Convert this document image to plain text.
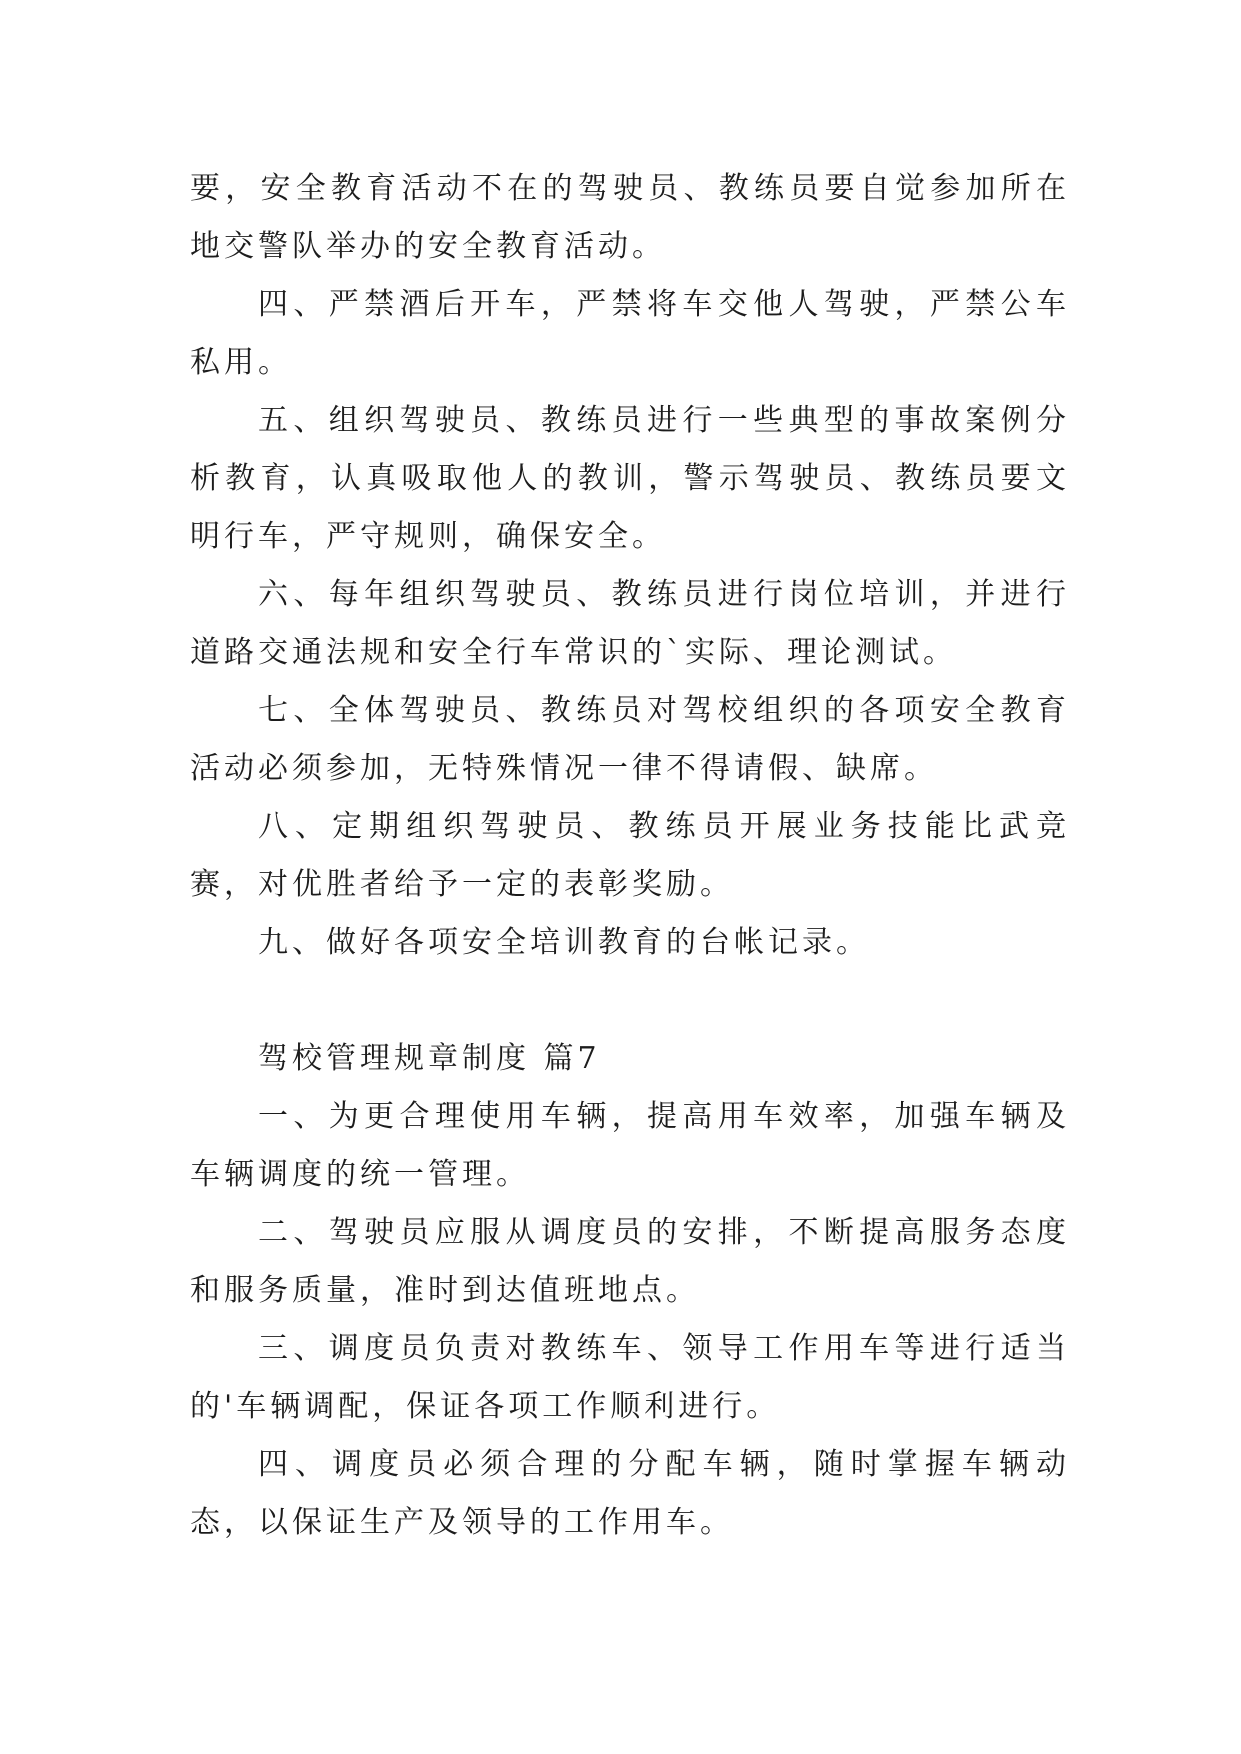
要，安全教育活动不在的驾驶员、教练员要自觉参加所在地交警队举办的安全教育活动。

四、严禁酒后开车，严禁将车交他人驾驶，严禁公车私用。

五、组织驾驶员、教练员进行一些典型的事故案例分析教育，认真吸取他人的教训，警示驾驶员、教练员要文明行车，严守规则，确保安全。

六、每年组织驾驶员、教练员进行岗位培训，并进行道路交通法规和安全行车常识的`实际、理论测试。

七、全体驾驶员、教练员对驾校组织的各项安全教育活动必须参加，无特殊情况一律不得请假、缺席。

八、定期组织驾驶员、教练员开展业务技能比武竞赛，对优胜者给予一定的表彰奖励。

九、做好各项安全培训教育的台帐记录。

驾校管理规章制度 篇7

一、为更合理使用车辆，提高用车效率，加强车辆及车辆调度的统一管理。

二、驾驶员应服从调度员的安排，不断提高服务态度和服务质量，准时到达值班地点。

三、调度员负责对教练车、领导工作用车等进行适当的'车辆调配，保证各项工作顺利进行。

四、调度员必须合理的分配车辆，随时掌握车辆动态，以保证生产及领导的工作用车。
